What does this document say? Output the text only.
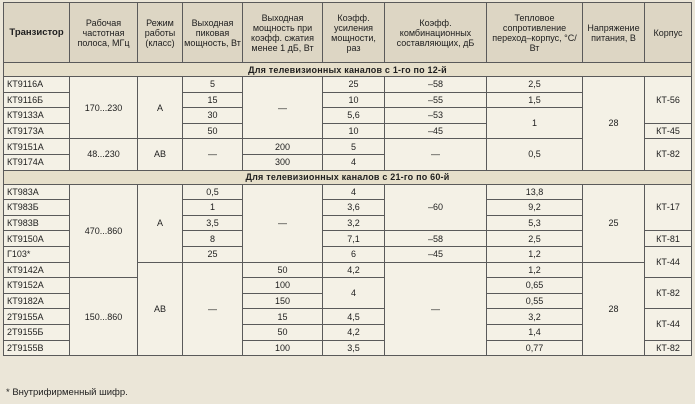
Транзистор	Рабочая частотная полоса, МГц	Режим работы (класс)	Выходная пиковая мощность, Вт	Выходная мощность при коэфф. сжатия менее 1 дБ, Вт	Коэфф. усиления мощности, раз	Коэфф. комбинационных составляющих, дБ	Тепловое сопротивление переход–корпус, °С/Вт	Напряжение питания, В	Корпус
Для телевизионных каналов с 1-го по 12-й									
КТ9116А	170...230	A	5	—	25	–58	2,5	28	КТ-56
КТ9116Б			15		10	–55	1,5		
КТ9133А			30		5,6	–53	1		
КТ9173А			50		10	–45			КТ-45
КТ9151А	48...230	AB	—	200	5	—	0,5		КТ-82
КТ9174А				300	4				
Для телевизионных каналов с 21-го по 60-й									
КТ983А	470...860	A	0,5	—	4	–60	13,8	25	КТ-17
КТ983Б			1		3,6		9,2		
КТ983В			3,5		3,2		5,3		
КТ9150А			8		7,1	–58	2,5		КТ-81
Г103*			25		6	–45	1,2		КТ-44
КТ9142А		AB	—	50	4,2	—	1,2	28	
КТ9152А	150...860			100	4		0,65		КТ-82
КТ9182А				150			0,55		
2Т9155А				15	4,5		3,2		КТ-44
2Т9155Б				50	4,2		1,4		
2Т9155В				100	3,5		0,77		КТ-82
* Внутрифирменный шифр.
